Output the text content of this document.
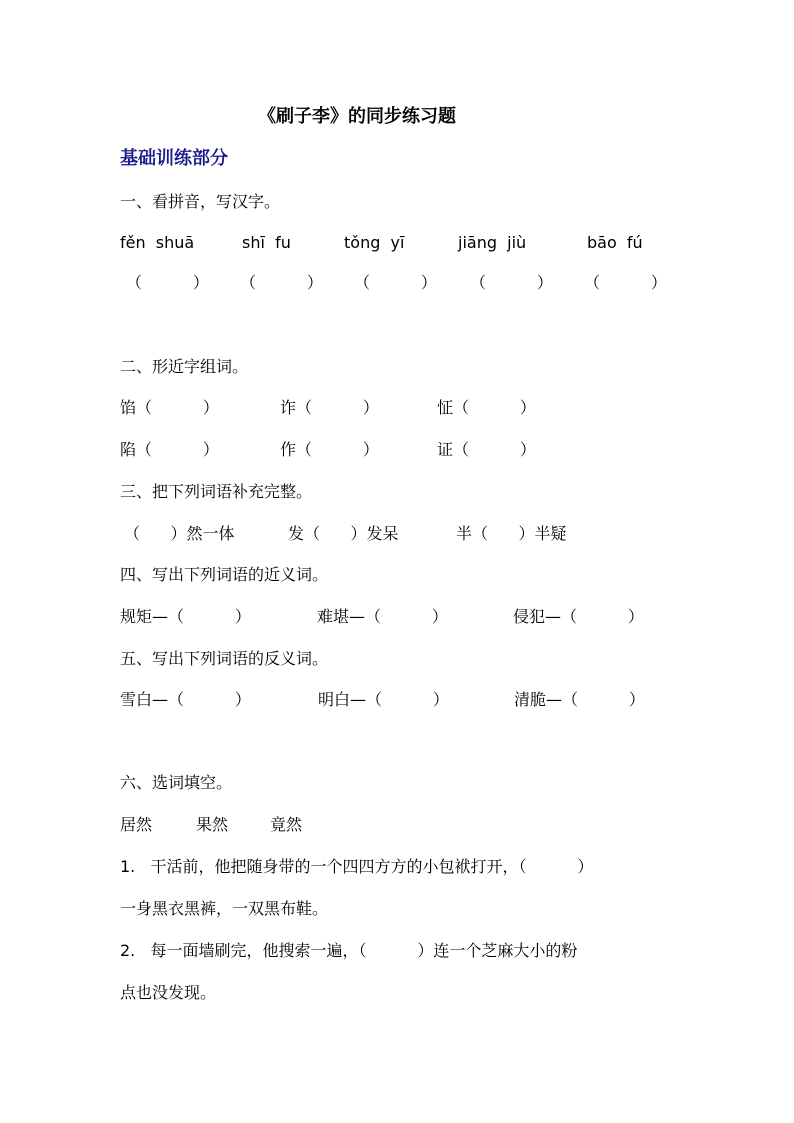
《刷子李》的同步练习题
基础训练部分
一、看拼音，写汉字。
fěn  shuā	shī  fu	tǒng  yī	jiāng  jiù	bāo  fú
（          ） （          ） （          ） （          ） （          ）
二、形近字组词。
馅（          ）	诈（          ）	怔（          ）
陷（          ）	作（          ）	证（          ）
三、把下列词语补充完整。
（      ）然一体	发（      ）发呆	半（      ）半疑
四、写出下列词语的近义词。
规矩—（          ）	难堪—（          ）	侵犯—（          ）
五、写出下列词语的反义词。
雪白—（          ）	明白—（          ）	清脆—（          ）
六、选词填空。
居然	果然	竟然
1.   干活前，他把随身带的一个四四方方的小包袱打开，（          ）
一身黑衣黑裤，一双黑布鞋。
2.   每一面墙刷完，他搜索一遍，（          ）连一个芝麻大小的粉
点也没发现。
